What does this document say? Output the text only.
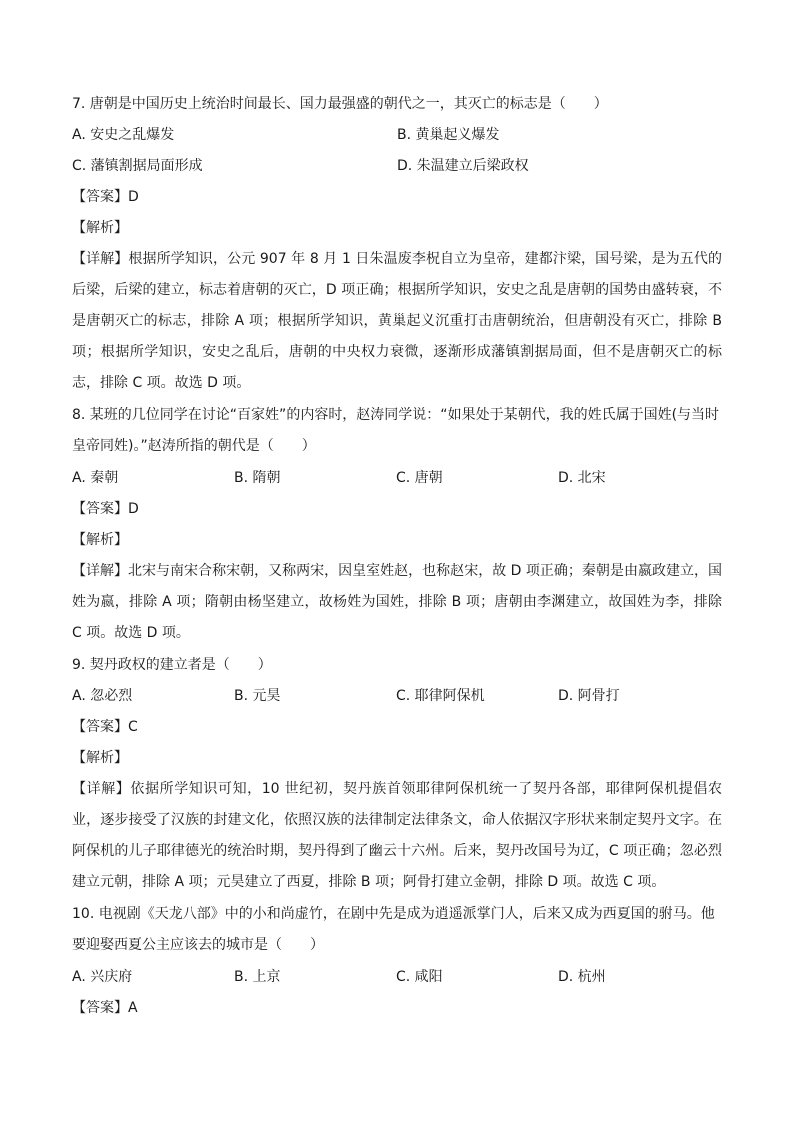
7. 唐朝是中国历史上统治时间最长、国力最强盛的朝代之一，其灭亡的标志是（　　）

A. 安史之乱爆发	B. 黄巢起义爆发
C. 藩镇割据局面形成	D. 朱温建立后梁政权

【答案】D

【解析】

【详解】根据所学知识，公元 907 年 8 月 1 日朱温废李柷自立为皇帝，建都汴梁，国号梁，是为五代的后梁，后梁的建立，标志着唐朝的灭亡，D 项正确；根据所学知识，安史之乱是唐朝的国势由盛转衰，不是唐朝灭亡的标志，排除 A 项；根据所学知识，黄巢起义沉重打击唐朝统治，但唐朝没有灭亡，排除 B 项；根据所学知识，安史之乱后，唐朝的中央权力衰微，逐渐形成藩镇割据局面，但不是唐朝灭亡的标志，排除 C 项。故选 D 项。

8. 某班的几位同学在讨论“百家姓”的内容时，赵涛同学说：“如果处于某朝代，我的姓氏属于国姓(与当时皇帝同姓)。”赵涛所指的朝代是（　　）

A. 秦朝	B. 隋朝	C. 唐朝	D. 北宋

【答案】D

【解析】

【详解】北宋与南宋合称宋朝，又称两宋，因皇室姓赵，也称赵宋，故 D 项正确；秦朝是由嬴政建立，国姓为嬴，排除 A 项；隋朝由杨坚建立，故杨姓为国姓，排除 B 项；唐朝由李渊建立，故国姓为李，排除 C 项。故选 D 项。

9. 契丹政权的建立者是（　　）

A. 忽必烈	B. 元昊	C. 耶律阿保机	D. 阿骨打

【答案】C

【解析】

【详解】依据所学知识可知，10 世纪初，契丹族首领耶律阿保机统一了契丹各部，耶律阿保机提倡农业，逐步接受了汉族的封建文化，依照汉族的法律制定法律条文，命人依据汉字形状来制定契丹文字。在阿保机的儿子耶律德光的统治时期，契丹得到了幽云十六州。后来，契丹改国号为辽，C 项正确；忽必烈建立元朝，排除 A 项；元昊建立了西夏，排除 B 项；阿骨打建立金朝，排除 D 项。故选 C 项。

10. 电视剧《天龙八部》中的小和尚虚竹，在剧中先是成为逍遥派掌门人，后来又成为西夏国的驸马。他要迎娶西夏公主应该去的城市是（　　）

A. 兴庆府	B. 上京	C. 咸阳	D. 杭州

【答案】A
